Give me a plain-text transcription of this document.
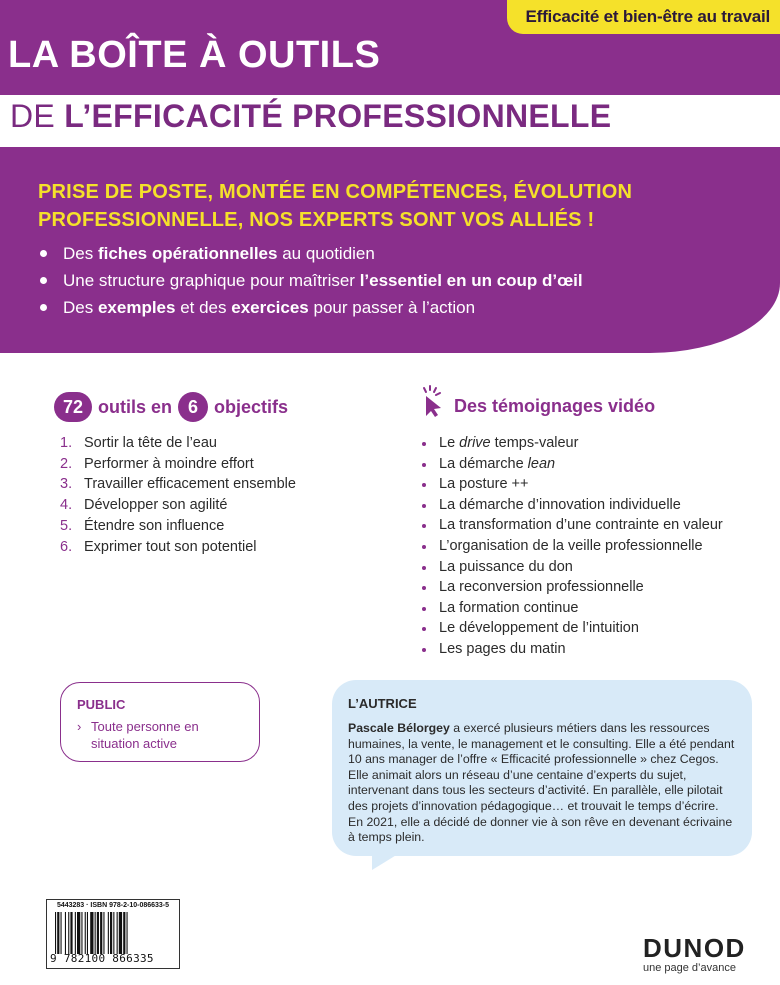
Efficacité et bien-être au travail
LA BOÎTE À OUTILS
DE L’EFFICACITÉ PROFESSIONNELLE
PRISE DE POSTE, MONTÉE EN COMPÉTENCES, ÉVOLUTION PROFESSIONNELLE, NOS EXPERTS SONT VOS ALLIÉS !
Des fiches opérationnelles au quotidien
Une structure graphique pour maîtriser l’essentiel en un coup d’œil
Des exemples et des exercices pour passer à l’action
72 outils en 6 objectifs
1. Sortir la tête de l’eau
2. Performer à moindre effort
3. Travailler efficacement ensemble
4. Développer son agilité
5. Étendre son influence
6. Exprimer tout son potentiel
Des témoignages vidéo
Le drive temps-valeur
La démarche lean
La posture ++
La démarche d’innovation individuelle
La transformation d’une contrainte en valeur
L’organisation de la veille professionnelle
La puissance du don
La reconversion professionnelle
La formation continue
Le développement de l’intuition
Les pages du matin
PUBLIC
› Toute personne en situation active
L’AUTRICE
Pascale Bélorgey a exercé plusieurs métiers dans les ressources humaines, la vente, le management et le consulting. Elle a été pendant 10 ans manager de l’offre « Efficacité professionnelle » chez Cegos. Elle animait alors un réseau d’une centaine d’experts du sujet, intervenant dans tous les secteurs d’activité. En parallèle, elle pilotait des projets d’innovation pédagogique… et trouvait le temps d’écrire. En 2021, elle a décidé de donner vie à son rêve en devenant écrivaine à temps plein.
5443283 · ISBN 978-2-10-086633-5
9 782100 866335	DUNOD
une page d’avance
